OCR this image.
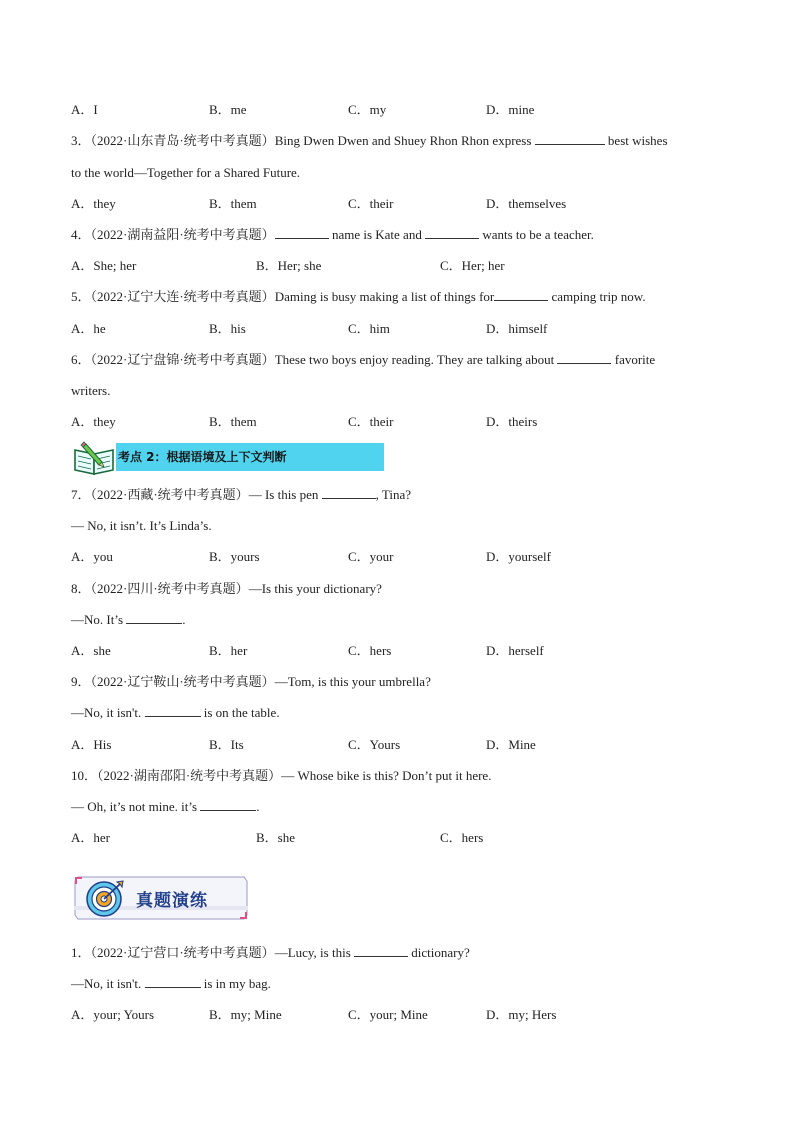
A．I	B．me	C．my	D．mine
3．（2022·山东青岛·统考中考真题）Bing Dwen Dwen and Shuey Rhon Rhon express	best wishes
to the world—Together for a Shared Future.
A．they	B．them	C．their	D．themselves
4．（2022·湖南益阳·统考中考真题）	name is Kate and	wants to be a teacher.
A．She; her	B．Her; she	C．Her; her
5．（2022·辽宁大连·统考中考真题）Daming is busy making a list of things for	camping trip now.
A．he	B．his	C．him	D．himself
6．（2022·辽宁盘锦·统考中考真题）These two boys enjoy reading. They are talking about	favorite
writers.
A．they	B．them	C．their	D．theirs
考点 2：根据语境及上下文判断
7．（2022·西藏·统考中考真题）— Is this pen	, Tina?
— No, it isn’t. It’s Linda’s.
A．you	B．yours	C．your	D．yourself
8．（2022·四川·统考中考真题）—Is this your dictionary?
—No. It’s	.
A．she	B．her	C．hers	D．herself
9．（2022·辽宁鞍山·统考中考真题）—Tom, is this your umbrella?
—No, it isn't.	is on the table.
A．His	B．Its	C．Yours	D．Mine
10．（2022·湖南邵阳·统考中考真题）— Whose bike is this? Don’t put it here.
— Oh, it’s not mine. it’s	.
A．her	B．she	C．hers
真题演练
1．（2022·辽宁营口·统考中考真题）—Lucy, is this	dictionary?
—No, it isn't.	is in my bag.
A．your; Yours	B．my; Mine	C．your; Mine	D．my; Hers
